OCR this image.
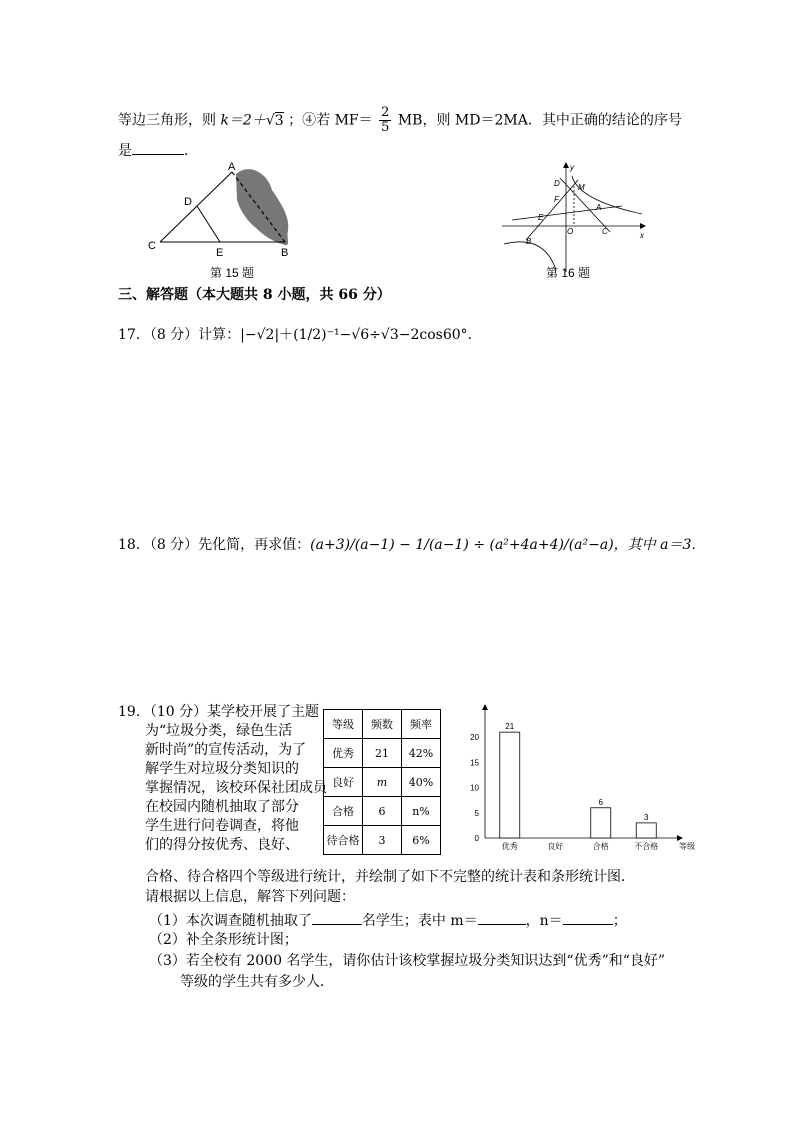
等边三角形，则 k＝2＋√3 ；④若 $MF= \frac{2}{5}$ MB，则 MD＝2MA．其中正确的结论的序号
是	．
A
B
C
D
E
第 15 题
y
x
D M
F
A
E
O	C
B
第 16 题
三、解答题（本大题共 8 小题，共 66 分）
17．（8 分）计算：|−√2|＋(1/2)⁻¹−√6÷√3−2cos60°．
18．（8 分）先化简，再求值：(a+3)/(a−1) − 1/(a−1) ÷ (a²+4a+4)/(a²−a)，其中 a＝3．
19．（10 分） 某学校开展了主题
为“垃圾分类，绿色生活
新时尚”的宣传活动，为了
解学生对垃圾分类知识的
掌握情况，该校环保社团成员
在校园内随机抽取了部分
学生进行问卷调查，将他
们的得分按优秀、良好、
等级	频数	频率
优秀	21	42%
良好	m	40%
合格	6	n%
待合格	3	6%	0
5
10
15
20
21
优秀	良好
6
合格
3
不合格	等级
合格、待合格四个等级进行统计，并绘制了如下不完整的统计表和条形统计图．
请根据以上信息，解答下列问题：
（1）本次调查随机抽取了	名学生；表中 m＝	，n＝	；
（2）补全条形统计图；
（3）若全校有 2000 名学生，请你估计该校掌握垃圾分类知识达到“优秀”和“良好”
等级的学生共有多少人．
